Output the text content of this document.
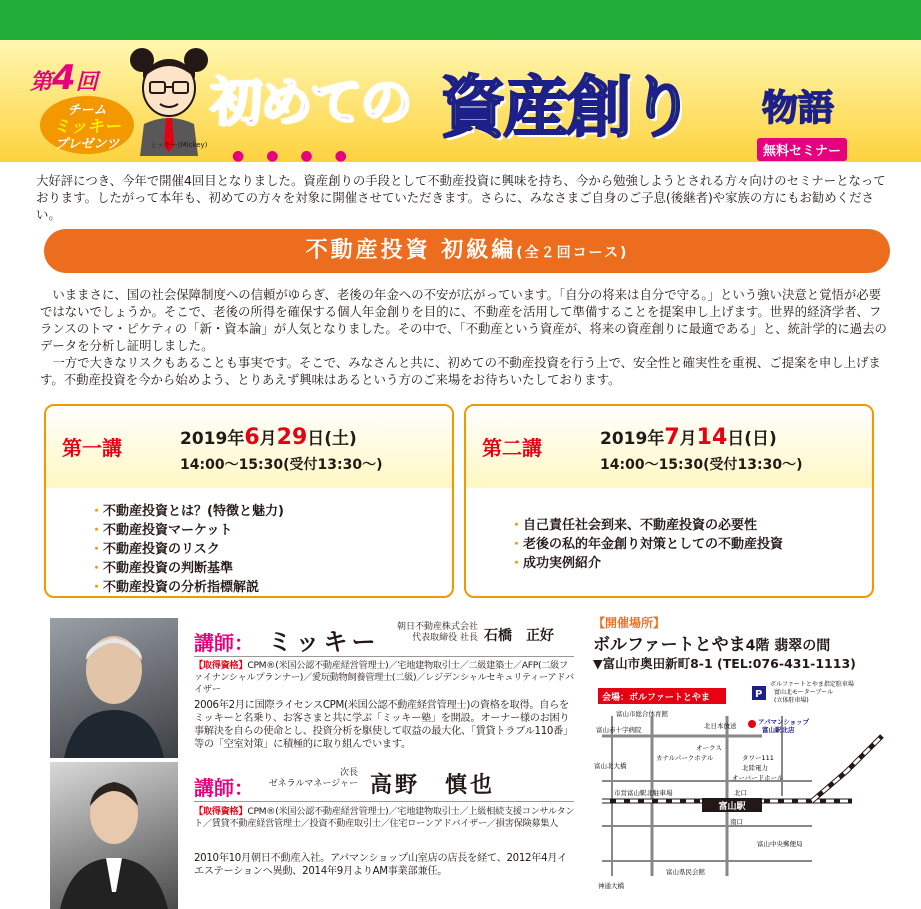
第4回
チーム
ミッキー
プレゼンツ	ミッキー(Mickey)
初めての 資産創り 物語
●●●●	無料セミナー
大好評につき、今年で開催4回目となりました。資産創りの手段として不動産投資に興味を持ち、今から勉強しようとされる方々向けのセミナーとなっております。したがって本年も、初めての方々を対象に開催させていただきます。さらに、みなさまご自身のご子息(後継者)や家族の方にもお勧めください。
不動産投資 初級編(全２回コース)

いままさに、国の社会保障制度への信頼がゆらぎ、老後の年金への不安が広がっています。「自分の将来は自分で守る。」という強い決意と覚悟が必要ではないでしょうか。そこで、老後の所得を確保する個人年金創りを目的に、不動産を活用して準備することを提案申し上げます。世界的経済学者、フランスのトマ・ピケティの「新・資本論」が人気となりました。その中で、「不動産という資産が、将来の資産創りに最適である」と、統計学的に過去のデータを分析し証明しました。

一方で大きなリスクもあることも事実です。そこで、みなさんと共に、初めての不動産投資を行う上で、安全性と確実性を重視、ご提案を申し上げます。不動産投資を今から始めよう、とりあえず興味はあるという方のご来場をお待ちいたしております。

第一講	2019年6月29日(土)
14:00〜15:30(受付13:30〜)
・ 不動産投資とは？(特徴と魅力)
・ 不動産投資マーケット
・ 不動産投資のリスク
・ 不動産投資の判断基準
・ 不動産投資の分析指標解説
第二講	2019年7月14日(日)
14:00〜15:30(受付13:30〜)
・ 自己責任社会到来、不動産投資の必要性
・ 老後の私的年金創り対策としての不動産投資
・ 成功実例紹介
講師： ミッキー
朝日不動産株式会社
代表取締役 社長 石橋　正好
【取得資格】CPM®(米国公認不動産経営管理士)／宅地建物取引士／二級建築士／AFP(二級ファイナンシャルプランナー)／愛玩動物飼養管理士(二級)／レジデンシャルセキュリティーアドバイザー
2006年2月に国際ライセンスCPM(米国公認不動産経営管理士)の資格を取得。自らをミッキーと名乗り、お客さまと共に学ぶ「ミッキー塾」を開設。オーナー様のお困り事解決を自らの使命とし、投資分析を駆使して収益の最大化、「賃貸トラブル110番」等の「空室対策」に積極的に取り組んでいます。
講師：
次長
ゼネラルマネージャー 高野　慎也
【取得資格】CPM®(米国公認不動産経営管理士)／宅地建物取引士／上級相続支援コンサルタント／賃貸不動産経営管理士／投資不動産取引士／住宅ローンアドバイザー／損害保険募集人
2010年10月朝日不動産入社。アパマンショップ山室店の店長を経て、2012年4月イエステーションへ異動、2014年9月よりAM事業部兼任。
【開催場所】
ボルファートとやま4階 翡翠の間
▼富山市奥田新町8-1 (TEL:076-431-1113)
富山駅
会場：ボルファートとやま	P
ボルファートとやま指定駐車場
富山北モーターブール
(立体駐車場)
アパマンショップ
富山駅北店
富山市総合体育館
北日本放送
富山赤十字病院
オークス
カナルパークホテル	タワー111
北陸電力
オーバードホール
富山北大橋
北口
市営富山駅北駐車場
南口
富山中央郵便局
富山県民会館
神通大橋
